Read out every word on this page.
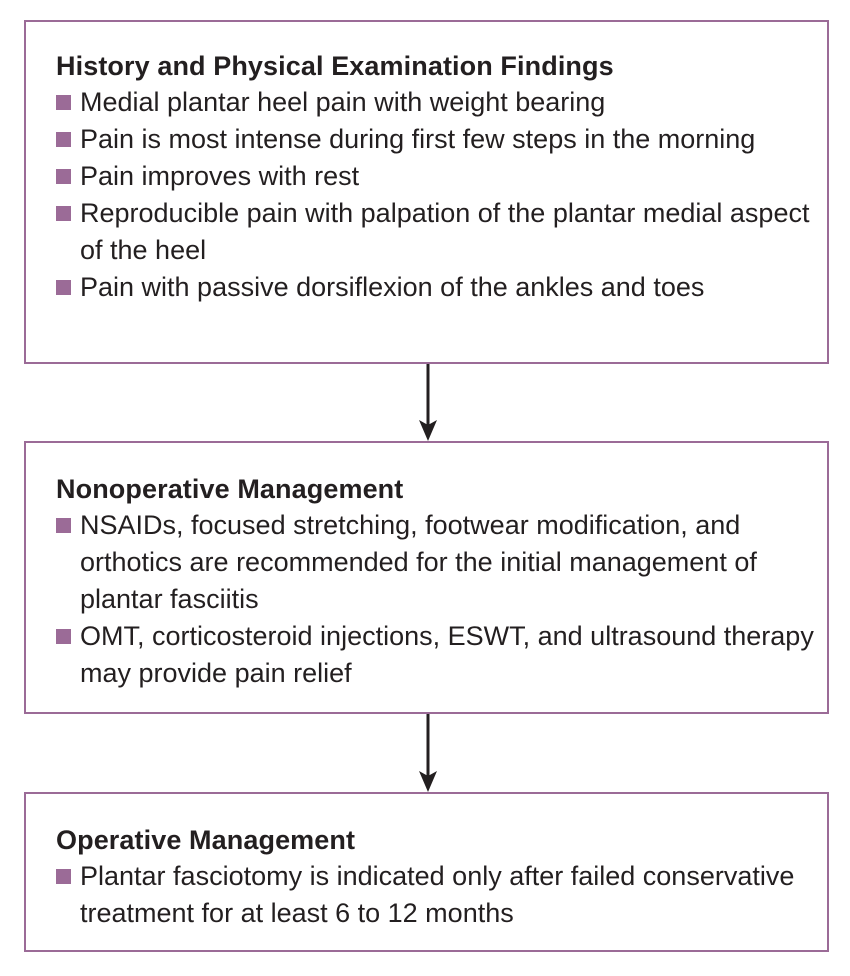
History and Physical Examination Findings
Medial plantar heel pain with weight bearing
Pain is most intense during first few steps in the morning
Pain improves with rest
Reproducible pain with palpation of the plantar medial aspect of the heel
Pain with passive dorsiflexion of the ankles and toes
Nonoperative Management
NSAIDs, focused stretching, footwear modification, and orthotics are recommended for the initial management of plantar fasciitis
OMT, corticosteroid injections, ESWT, and ultrasound therapy may provide pain relief
Operative Management
Plantar fasciotomy is indicated only after failed conservative treatment for at least 6 to 12 months
